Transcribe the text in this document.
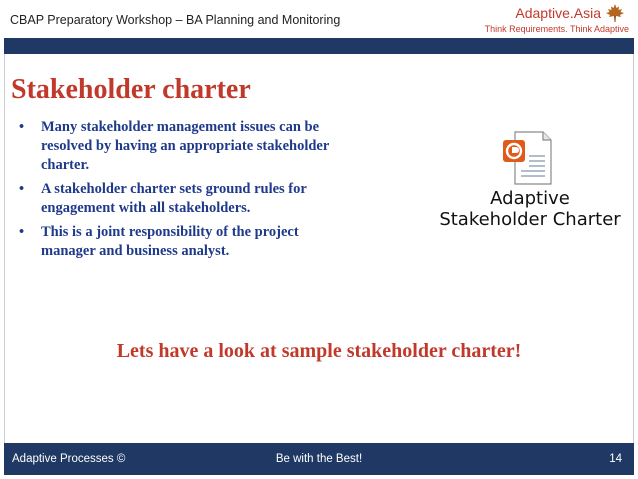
CBAP Preparatory Workshop – BA Planning and Monitoring	Adaptive.Asia
Think Requirements. Think Adaptive
Stakeholder charter
• Many stakeholder management issues can be resolved by having an appropriate stakeholder charter.
• A stakeholder charter sets ground rules for engagement with all stakeholders.
• This is a joint responsibility of the project manager and business analyst.
Adaptive
Stakeholder Charter
Lets have a look at sample stakeholder charter!
Be with the Best!
Adaptive Processes ©	14
